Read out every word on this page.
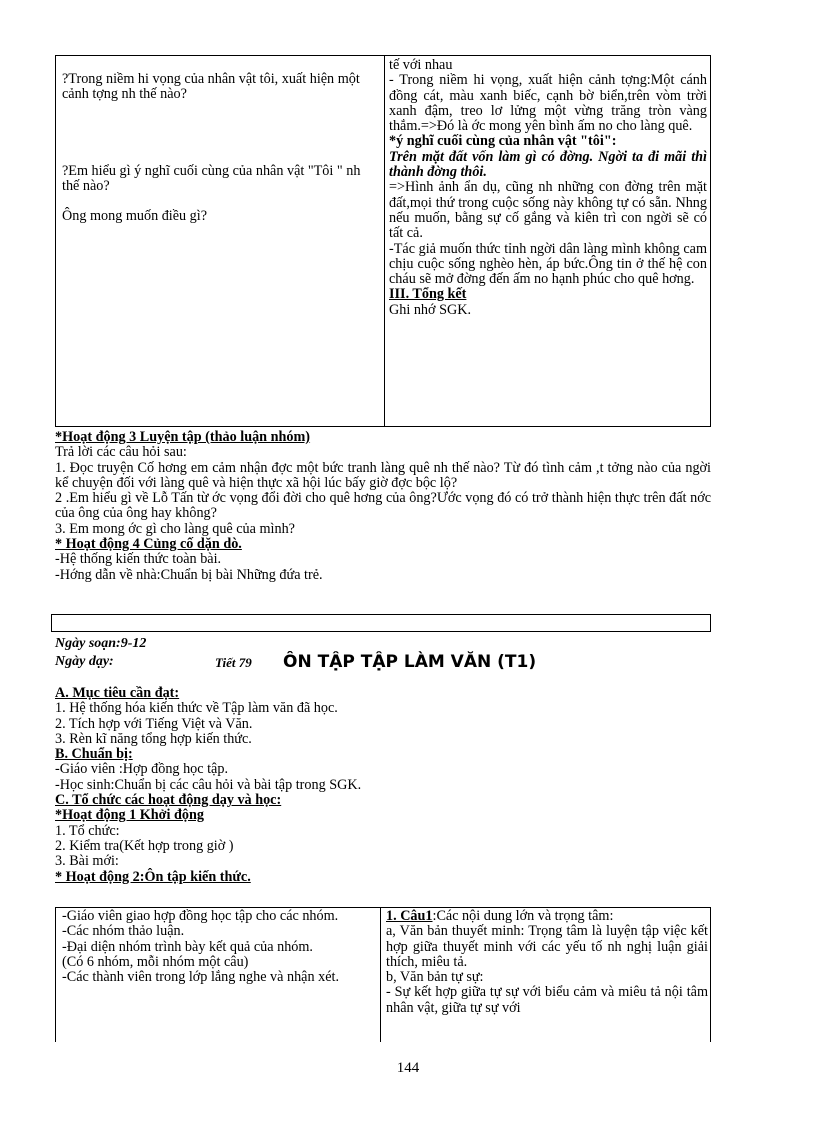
?Trong niềm hi vọng của nhân vật tôi, xuất hiện một cảnh tợng nh thế nào?

?Em hiểu gì ý nghĩ cuối cùng của nhân vật "Tôi " nh thế nào?

Ông mong muốn điều gì?

tế với nhau

- Trong niềm hi vọng, xuất hiện cảnh tợng:Một cánh đồng cát, màu xanh biếc, cạnh bờ biển,trên vòm trời xanh đậm, treo lơ lửng một vừng trăng tròn vàng thắm.=>Đó là ớc mong yên bình ấm no cho làng quê.

*ý nghĩ cuối cùng của nhân vật "tôi":

Trên mặt đất vốn làm gì có đờng. Ngời ta đi mãi thì thành đờng thôi.

=>Hình ảnh ẩn dụ, cũng nh những con đờng trên mặt đất,mọi thứ trong cuộc sống này không tự có sẵn. Nhng nếu muốn, bằng sự cố gắng và kiên trì con ngời sẽ có tất cả.

-Tác giả muốn thức tỉnh ngời dân làng mình không cam chịu cuộc sống nghèo hèn, áp bức.Ông tin ở thế hệ con cháu sẽ mở đờng đến ấm no hạnh phúc cho quê hơng.

III. Tổng kết

Ghi nhớ SGK.

*Hoạt động 3 Luyện tập (thảo luận nhóm)

Trả lời các câu hỏi sau:

1. Đọc truyện Cố hơng em cảm nhận đợc một bức tranh làng quê nh thế nào? Từ đó tình cảm ,t tởng nào của ngời kể chuyện đối với làng quê và hiện thực xã hội lúc bấy giờ đợc bộc lộ?

2 .Em hiểu gì về Lỗ Tấn từ ớc vọng đổi đời cho quê hơng của ông?Ước vọng đó có trở thành hiện thực trên đất nớc của ông của ông hay không?

3. Em mong ớc gì cho làng quê của mình?

* Hoạt động 4 Củng cố dặn dò.

-Hệ thống kiến thức toàn bài.

-Hớng dẫn về nhà:Chuẩn bị bài Những đứa trẻ.

Ngày soạn:9-12
Ngày dạy:	Tiết 79 ÔN TẬP TẬP LÀM VĂN (T1)

A. Mục tiêu cần đạt:

1. Hệ thống hóa kiến thức về Tập làm văn đã học.

2. Tích hợp với Tiếng Việt và Văn.

3. Rèn kĩ năng tổng hợp kiến thức.

B. Chuẩn bị:

-Giáo viên :Hợp đồng học tập.

-Học sinh:Chuẩn bị các câu hỏi và bài tập trong SGK.

C. Tổ chức các hoạt động dạy và học:

*Hoạt động 1 Khởi động

1. Tổ chức:

2. Kiểm tra(Kết hợp trong giờ )

3. Bài mới:

* Hoạt động 2:Ôn tập kiến thức.

-Giáo viên giao hợp đồng học tập cho các nhóm.

-Các nhóm thảo luận.

-Đại diện nhóm trình bày kết quả của nhóm.

(Có 6 nhóm, mỗi nhóm một câu)

-Các thành viên trong lớp lắng nghe và nhận xét.

1. Câu1:Các nội dung lớn và trọng tâm:

a, Văn bản thuyết minh: Trọng tâm là luyện tập việc kết hợp giữa thuyết minh với các yếu tố nh nghị luận giải thích, miêu tả.

b, Văn bản tự sự:

- Sự kết hợp giữa tự sự với biểu cảm và miêu tả nội tâm nhân vật, giữa tự sự với

144
